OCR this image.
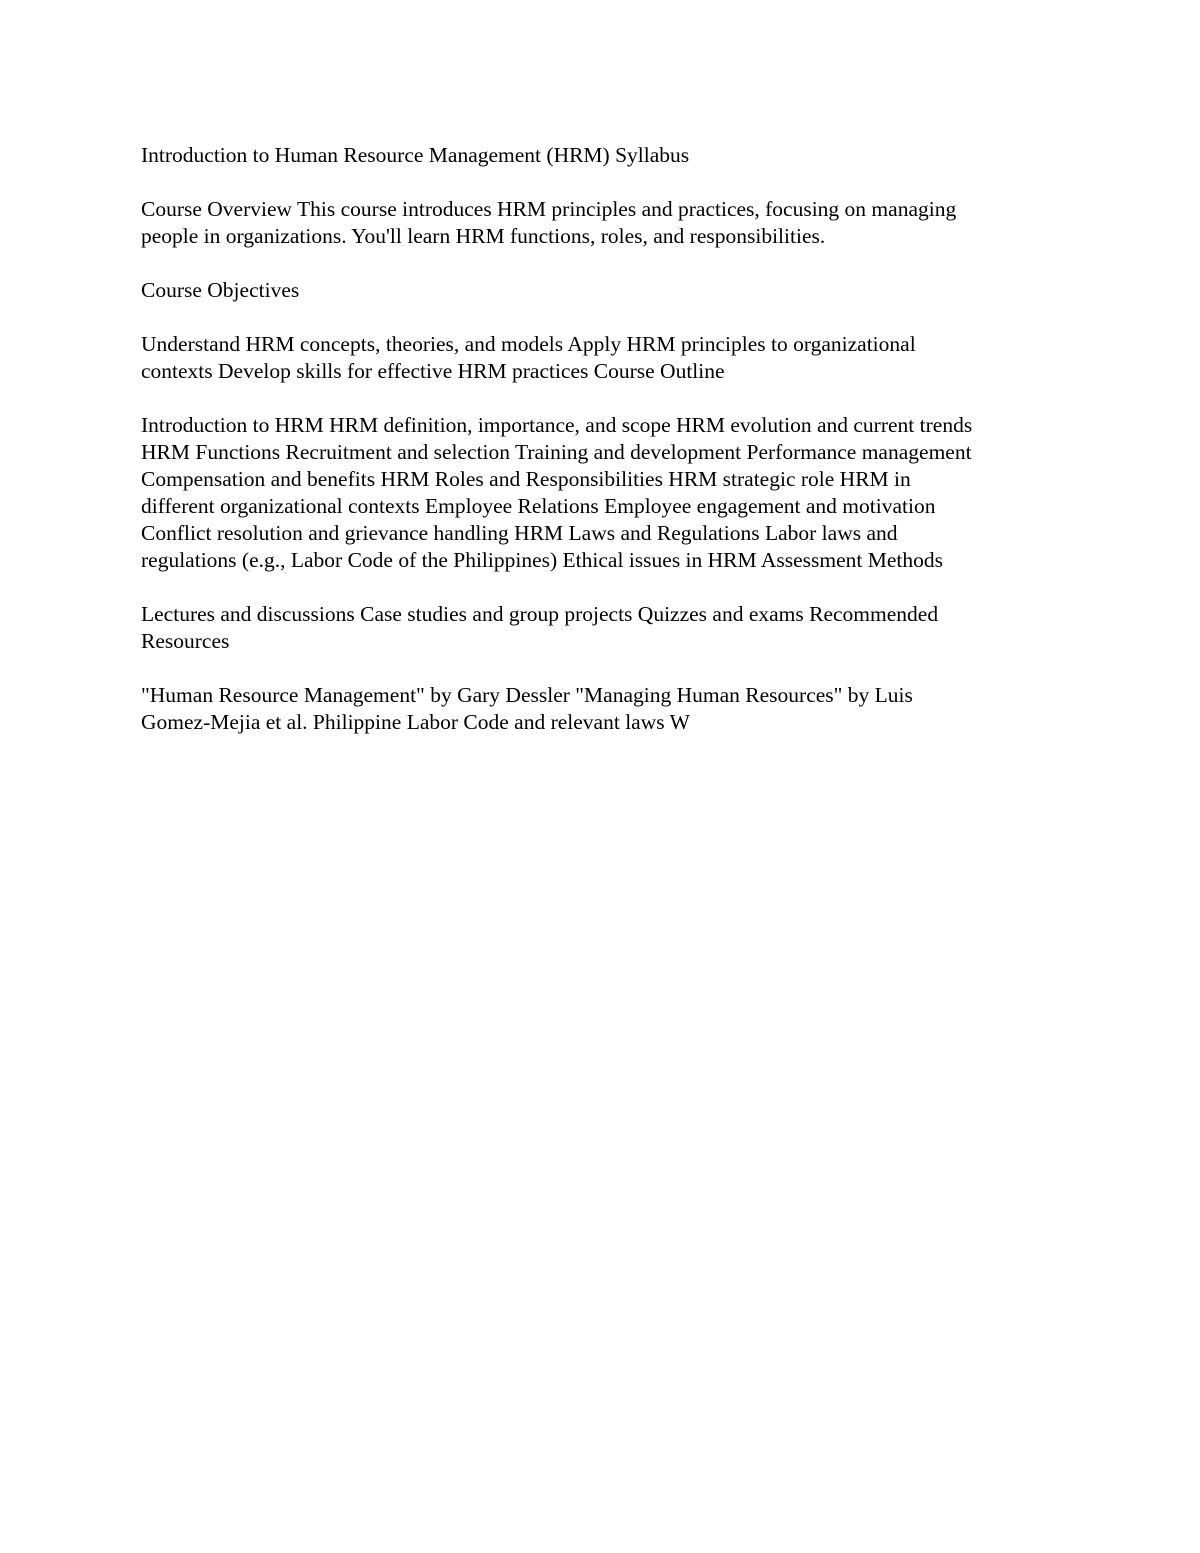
Introduction to Human Resource Management (HRM) Syllabus

Course Overview This course introduces HRM principles and practices, focusing on managing
people in organizations. You'll learn HRM functions, roles, and responsibilities.

Course Objectives

Understand HRM concepts, theories, and models Apply HRM principles to organizational
contexts Develop skills for effective HRM practices Course Outline

Introduction to HRM HRM definition, importance, and scope HRM evolution and current trends
HRM Functions Recruitment and selection Training and development Performance management
Compensation and benefits HRM Roles and Responsibilities HRM strategic role HRM in
different organizational contexts Employee Relations Employee engagement and motivation
Conflict resolution and grievance handling HRM Laws and Regulations Labor laws and
regulations (e.g., Labor Code of the Philippines) Ethical issues in HRM Assessment Methods

Lectures and discussions Case studies and group projects Quizzes and exams Recommended
Resources

"Human Resource Management" by Gary Dessler "Managing Human Resources" by Luis
Gomez-Mejia et al. Philippine Labor Code and relevant laws W
